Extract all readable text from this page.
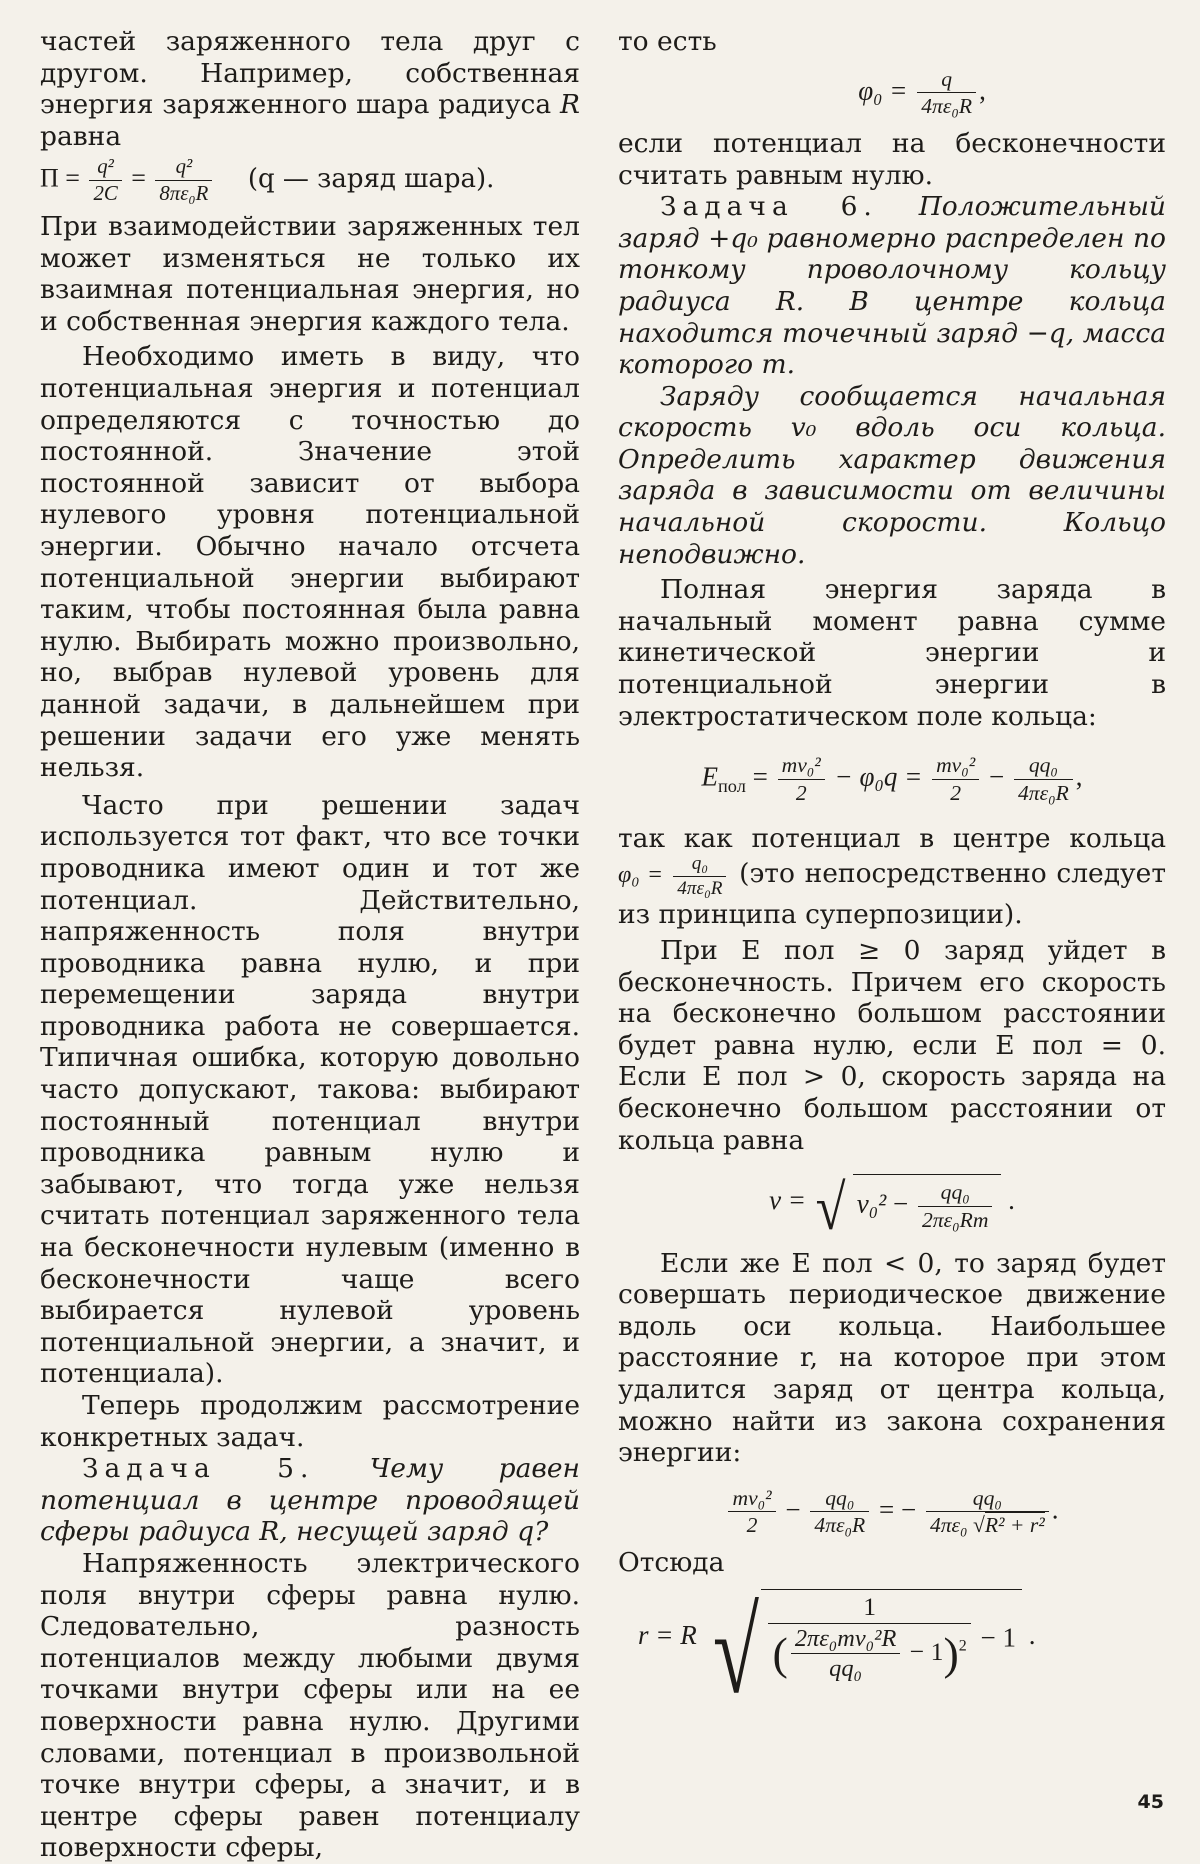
частей заряженного тела друг с другом. Например, собственная энергия заряженного шара радиуса R равна

$П = \frac{\text{q²}}{2C} = \frac{\text{q²}}{\text{8πε₀R}} (q$ — заряд шара).

При взаимодействии заряженных тел может изменяться не только их взаимная потенциальная энергия, но и собственная энергия каждого тела.

Необходимо иметь в виду, что потенциальная энергия и потенциал определяются с точностью до постоянной. Значение этой постоянной зависит от выбора нулевого уровня потенциальной энергии. Обычно начало отсчета потенциальной энергии выбирают таким, чтобы постоянная была равна нулю. Выбирать можно произвольно, но, выбрав нулевой уровень для данной задачи, в дальнейшем при решении задачи его уже менять нельзя.

Часто при решении задач используется тот факт, что все точки проводника имеют один и тот же потенциал. Действительно, напряженность поля внутри проводника равна нулю, и при перемещении заряда внутри проводника работа не совершается. Типичная ошибка, которую довольно часто допускают, такова: выбирают постоянный потенциал внутри проводника равным нулю и забывают, что тогда уже нельзя считать потенциал заряженного тела на бесконечности нулевым (именно в бесконечности чаще всего выбирается нулевой уровень потенциальной энергии, а значит, и потенциала).

Теперь продолжим рассмотрение конкретных задач.

Задача 5. Чему равен потенциал в центре проводящей сферы радиуса R, несущей заряд q?

Напряженность электрического поля внутри сферы равна нулю. Следовательно, разность потенциалов между любыми двумя точками внутри сферы или на ее поверхности равна нулю. Другими словами, потенциал в произвольной точке внутри сферы, а значит, и в центре сферы равен потенциалу поверхности сферы,

то есть

$\varphi_0 = \frac{q}{\text{4πε₀R}}$ ,

если потенциал на бесконечности считать равным нулю.

Задача 6. Положительный заряд +q₀ равномерно распределен по тонкому проволочному кольцу радиуса R. В центре кольца находится точечный заряд −q, масса которого m.

Заряду сообщается начальная скорость v₀ вдоль оси кольца. Определить характер движения заряда в зависимости от величины начальной скорости. Кольцо неподвижно.

Полная энергия заряда в начальный момент равна сумме кинетической энергии и потенциальной энергии в электростатическом поле кольца:

$E_{пол} = \frac{\text{mv₀²}}{2} - \varphi_0q = \frac{\text{mv₀²}}{2} - \frac{\text{qq₀}}{\text{4πε₀R}}$ ,

так как потенциал в центре кольца $\varphi_0 = \frac{\text{q₀}}{\text{4πε₀R}} (это$ непосредственно следует из принципа суперпозиции).

При E пол ≥ 0 заряд уйдет в бесконечность. Причем его скорость на бесконечно большом расстоянии будет равна нулю, если E пол = 0. Если E пол > 0, скорость заряда на бесконечно большом расстоянии от кольца равна

v = √ $v_0^2 - \frac{\text{qq₀}}{\text{2πε₀Rm}}$ .

Если же E пол < 0, то заряд будет совершать периодическое движение вдоль оси кольца. Наибольшее расстояние r, на которое при этом удалится заряд от центра кольца, можно найти из закона сохранения энергии:

$\frac{\text{mv₀²}}{2} - \frac{\text{qq₀}}{\text{4πε₀R}}$ = − $\frac{\text{qq₀}}{\text{4πε₀ √R² + r²}}$ .

Отсюда

r = R √ $\frac{1}{( \frac{\text{2πε₀mv₀²R}}{\text{qq₀}} - 1)^2} - 1$ .
45
